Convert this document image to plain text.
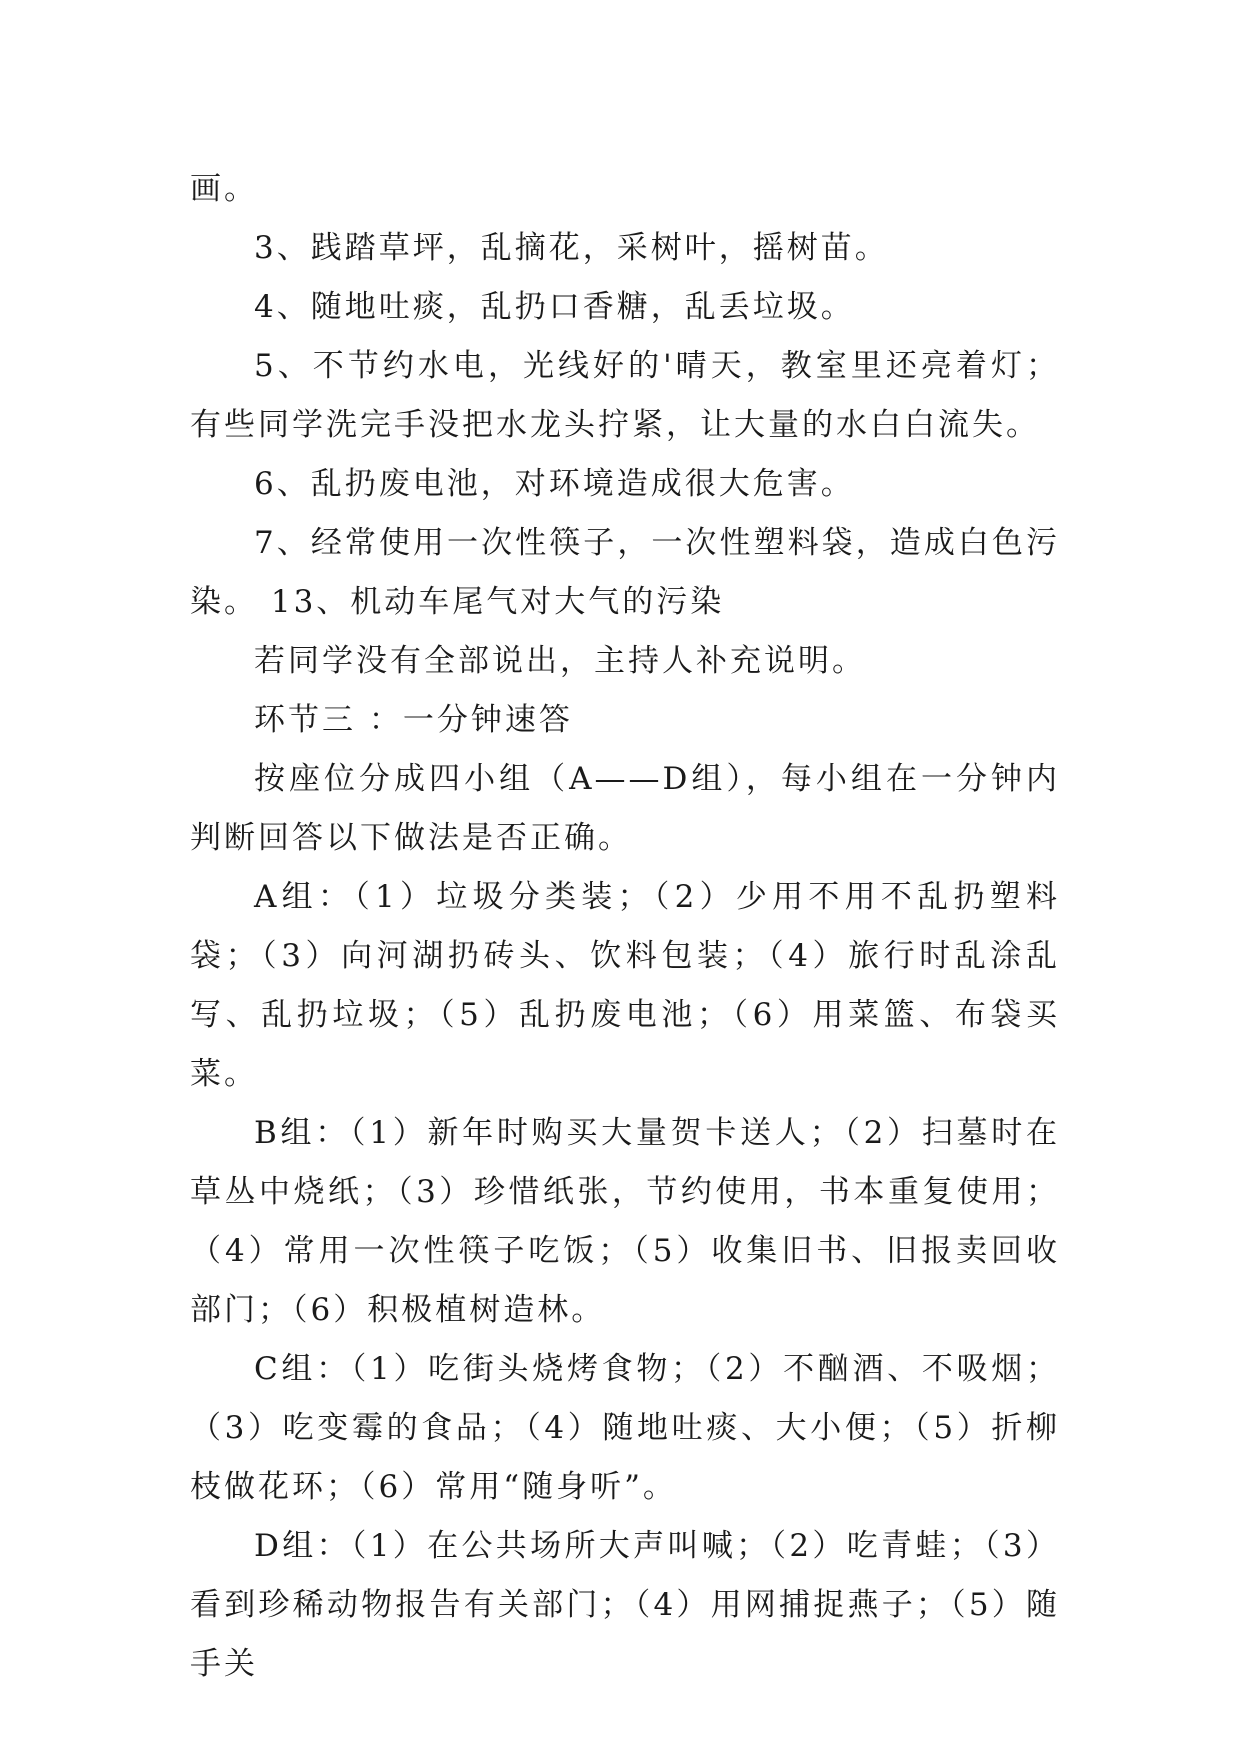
画。

3、践踏草坪，乱摘花，采树叶，摇树苗。

4、随地吐痰，乱扔口香糖，乱丢垃圾。

5、不节约水电，光线好的'晴天，教室里还亮着灯；有些同学洗完手没把水龙头拧紧，让大量的水白白流失。

6、乱扔废电池，对环境造成很大危害。

7、经常使用一次性筷子，一次性塑料袋，造成白色污染。 13、机动车尾气对大气的污染

若同学没有全部说出，主持人补充说明。

环节三 ：一分钟速答

按座位分成四小组（A——D组），每小组在一分钟内判断回答以下做法是否正确。

A组：（1）垃圾分类装；（2）少用不用不乱扔塑料袋；（3）向河湖扔砖头、饮料包装；（4）旅行时乱涂乱写、乱扔垃圾；（5）乱扔废电池；（6）用菜篮、布袋买菜。

B组：（1）新年时购买大量贺卡送人；（2）扫墓时在草丛中烧纸；（3）珍惜纸张，节约使用，书本重复使用；（4）常用一次性筷子吃饭；（5）收集旧书、旧报卖回收部门；（6）积极植树造林。

C组：（1）吃街头烧烤食物；（2）不酗酒、不吸烟；（3）吃变霉的食品；（4）随地吐痰、大小便；（5）折柳枝做花环；（6）常用“随身听”。

D组：（1）在公共场所大声叫喊；（2）吃青蛙；（3）看到珍稀动物报告有关部门；（4）用网捕捉燕子；（5）随手关
